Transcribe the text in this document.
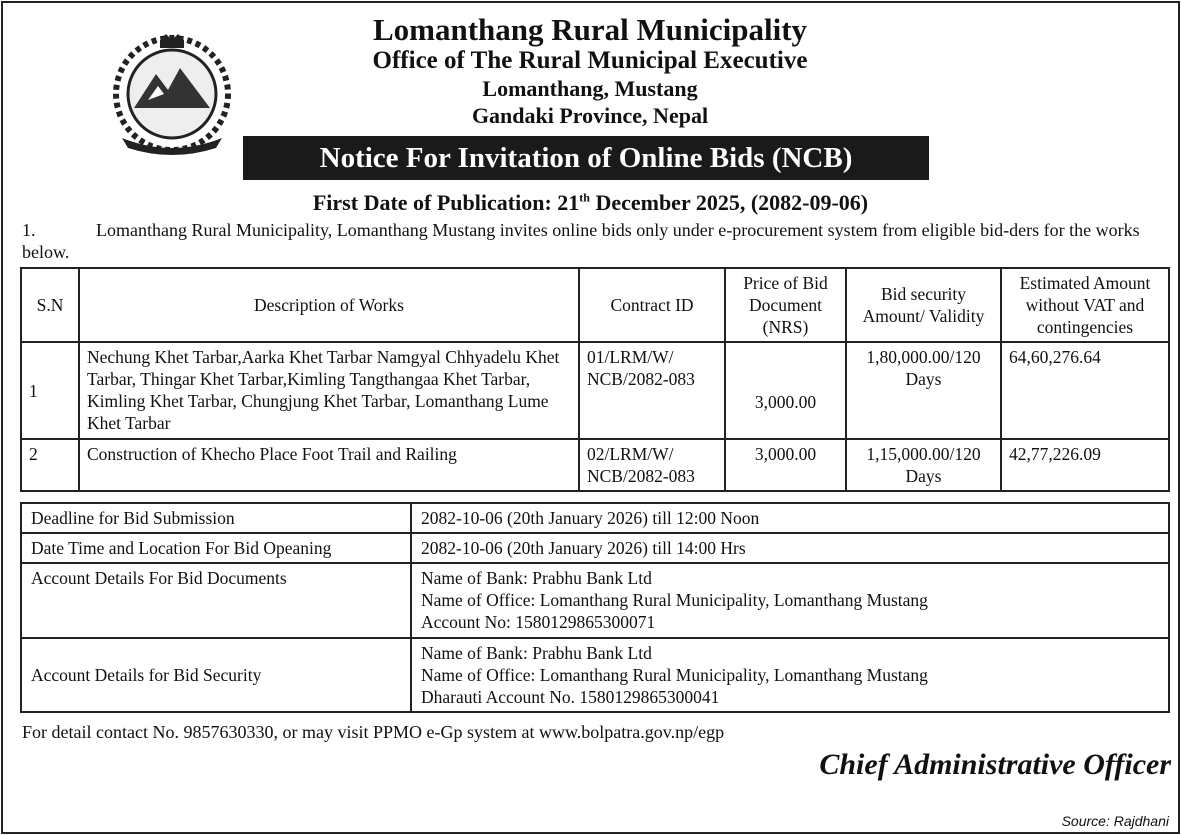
Lomanthang Rural Municipality
Office of The Rural Municipal Executive
Lomanthang, Mustang
Gandaki Province, Nepal
Notice For Invitation of Online Bids (NCB)
First Date of Publication: 21th December 2025, (2082-09-06)
1.	Lomanthang Rural Municipality, Lomanthang Mustang invites online bids only under e-procurement system from eligible bid-ders for the works below.
S.N	Description of Works	Contract ID	Price of Bid Document (NRS)	Bid security Amount/ Validity	Estimated Amount without VAT and contingencies
1	Nechung Khet Tarbar,Aarka Khet Tarbar Namgyal Chhyadelu Khet Tarbar, Thingar Khet Tarbar,Kimling Tangthangaa Khet Tarbar, Kimling Khet Tarbar, Chungjung Khet Tarbar, Lomanthang Lume Khet Tarbar	01/LRM/W/ NCB/2082-083	3,000.00	1,80,000.00/120 Days	64,60,276.64
2	Construction of Khecho Place Foot Trail and Railing	02/LRM/W/ NCB/2082-083	3,000.00	1,15,000.00/120 Days	42,77,226.09
Deadline for Bid Submission	2082-10-06 (20th January 2026) till 12:00 Noon

Date Time and Location For Bid Opeaning	2082-10-06 (20th January 2026) till 14:00 Hrs

Account Details For Bid Documents	Name of Bank: Prabhu Bank Ltd
Name of Office: Lomanthang Rural Municipality, Lomanthang Mustang
Account No: 1580129865300071

Account Details for Bid Security	Name of Bank: Prabhu Bank Ltd
Name of Office: Lomanthang Rural Municipality, Lomanthang Mustang
Dharauti Account No. 1580129865300041
For detail contact No. 9857630330, or may visit PPMO e-Gp system at www.bolpatra.gov.np/egp
Chief Administrative Officer
Source: Rajdhani
